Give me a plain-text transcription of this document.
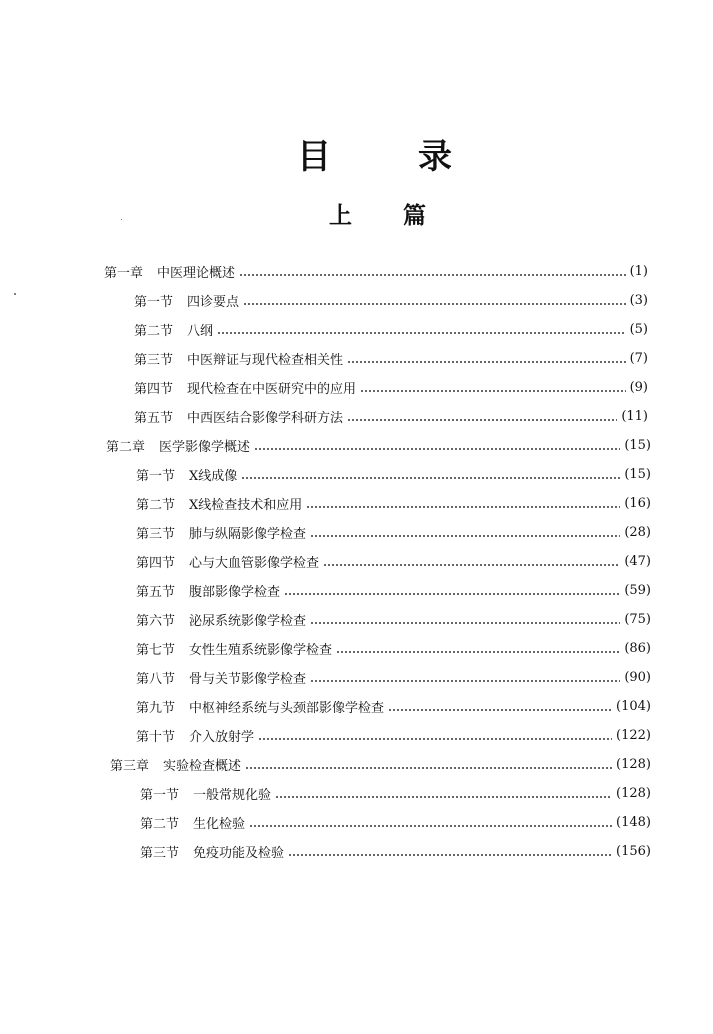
目	录
上 篇
第一章 中医理论概述	(1)
第一节 四诊要点	(3)
第二节 八纲	(5)
第三节 中医辩证与现代检查相关性	(7)
第四节 现代检查在中医研究中的应用	(9)
第五节 中西医结合影像学科研方法	(11)
第二章 医学影像学概述	(15)
第一节 X线成像	(15)
第二节 X线检查技术和应用	(16)
第三节 肺与纵隔影像学检查	(28)
第四节 心与大血管影像学检查	(47)
第五节 腹部影像学检查	(59)
第六节 泌尿系统影像学检查	(75)
第七节 女性生殖系统影像学检查	(86)
第八节 骨与关节影像学检查	(90)
第九节 中枢神经系统与头颈部影像学检查	(104)
第十节 介入放射学	(122)
第三章 实验检查概述	(128)
第一节 一般常规化验	(128)
第二节 生化检验	(148)
第三节 免疫功能及检验	(156)
